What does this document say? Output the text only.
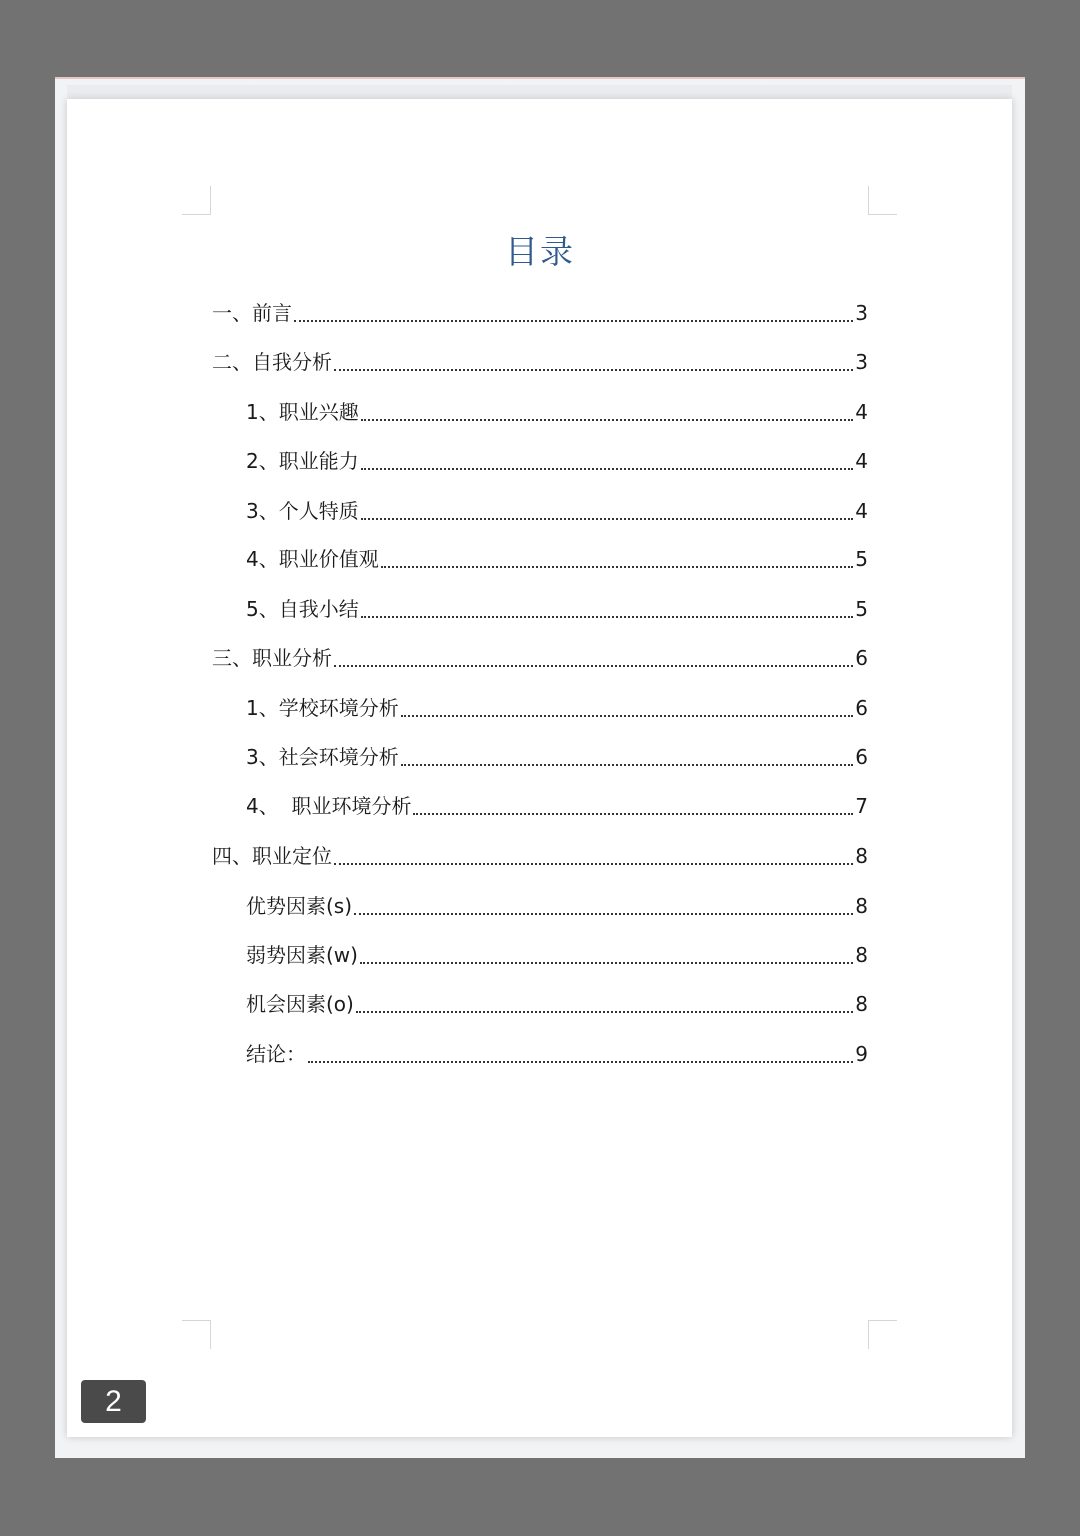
目录
一、前言	3
二、自我分析	3
1、职业兴趣	4
2、职业能力	4
3、个人特质	4
4、职业价值观	5
5、自我小结	5
三、职业分析	6
1、学校环境分析	6
3、社会环境分析	6
4、  职业环境分析	7
四、职业定位	8
优势因素(s)	8
弱势因素(w)	8
机会因素(o)	8
结论：	9
2
